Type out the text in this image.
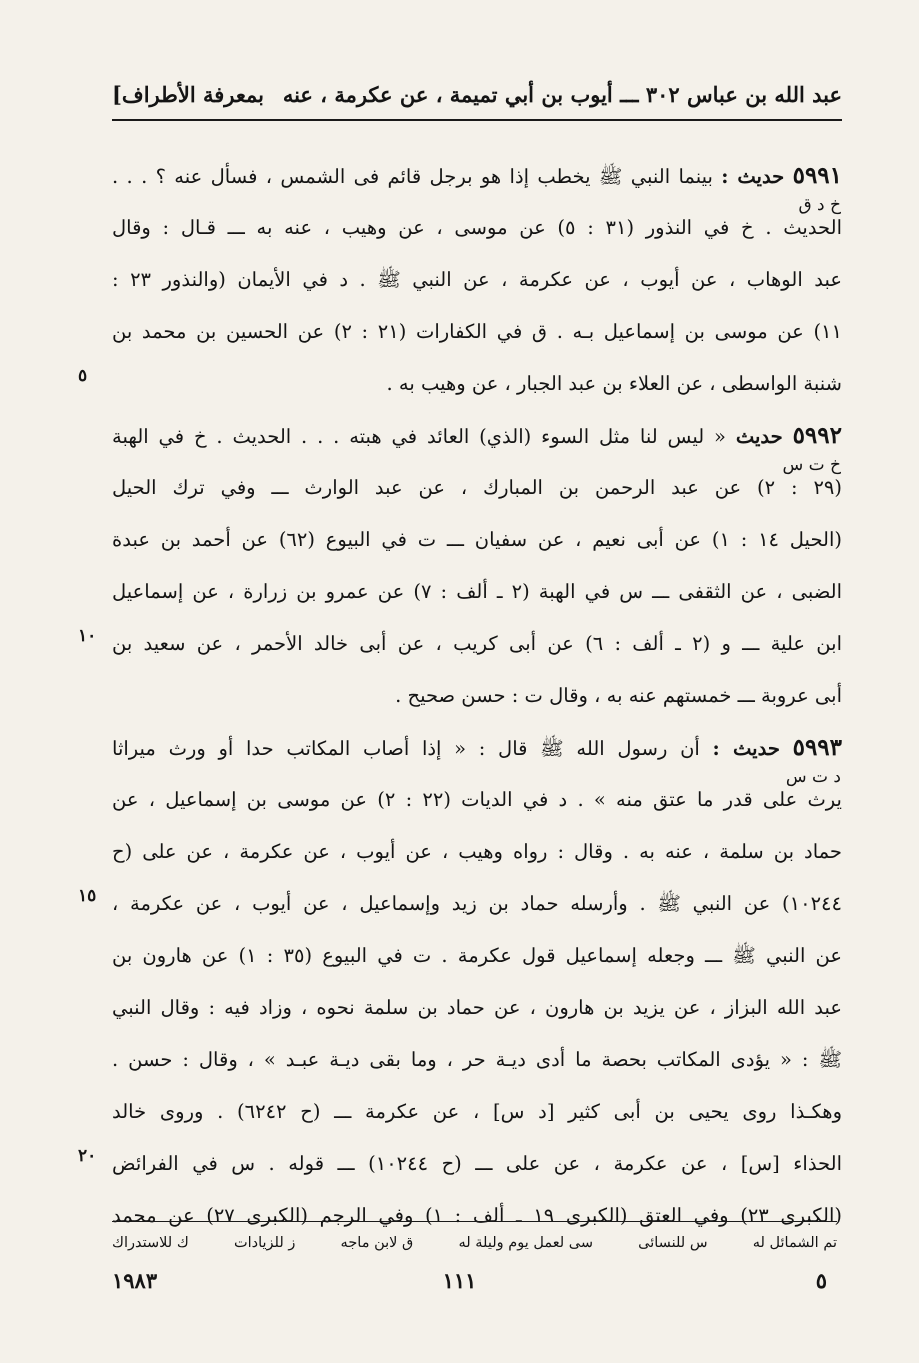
عبد الله بن عباس ٣٠٢ ـــ أيوب بن أبي تميمة ، عن عكرمة ، عنه
بمعرفة الأطراف]
٥٩٩١ حديث : بينما النبي ﷺ يخطب إذا هو برجل قائم فى الشمس ، فسأل عنه ؟ . . .
الحديث . خ في النذور (٣١ : ٥) عن موسى ، عن وهيب ، عنه به ـــ قـال : وقال
عبد الوهاب ، عن أيوب ، عن عكرمة ، عن النبي ﷺ . د في الأيمان (والنذور ٢٣ :
١١) عن موسى بن إسماعيل بـه . ق في الكفارات (٢١ : ٢) عن الحسين بن محمد بن
شنبة الواسطى ، عن العلاء بن عبد الجبار ، عن وهيب به .
٥٩٩٢ حديث « ليس لنا مثل السوء (الذي) العائد في هبته . . . الحديث . خ في الهبة
(٢٩ : ٢) عن عبد الرحمن بن المبارك ، عن عبد الوارث ـــ وفي ترك الحيل
(الحيل ١٤ : ١) عن أبى نعيم ، عن سفيان ـــ ت في البيوع (٦٢) عن أحمد بن عبدة
الضبى ، عن الثقفى ـــ س في الهبة (٢ ـ ألف : ٧) عن عمرو بن زرارة ، عن إسماعيل
ابن علية ـــ و (٢ ـ ألف : ٦) عن أبى كريب ، عن أبى خالد الأحمر ، عن سعيد بن
أبى عروبة ـــ خمستهم عنه به ، وقال ت : حسن صحيح .
٥٩٩٣ حديث : أن رسول الله ﷺ قال : « إذا أصاب المكاتب حدا أو ورث ميراثا
يرث على قدر ما عتق منه » . د في الديات (٢٢ : ٢) عن موسى بن إسماعيل ، عن
حماد بن سلمة ، عنه به . وقال : رواه وهيب ، عن أيوب ، عن عكرمة ، عن على (ح
١٠٢٤٤) عن النبي ﷺ . وأرسله حماد بن زيد وإسماعيل ، عن أيوب ، عن عكرمة ،
عن النبي ﷺ ـــ وجعله إسماعيل قول عكرمة . ت في البيوع (٣٥ : ١) عن هارون بن
عبد الله البزاز ، عن يزيد بن هارون ، عن حماد بن سلمة نحوه ، وزاد فيه : وقال النبي
ﷺ : « يؤدى المكاتب بحصة ما أدى ديـة حر ، وما بقى ديـة عبـد » ، وقال : حسن .
وهكـذا روى يحيى بن أبى كثير [د س] ، عن عكرمة ـــ (ح ٦٢٤٢) . وروى خالد
الحذاء [س] ، عن عكرمة ، عن على ـــ (ح ١٠٢٤٤) ـــ قوله . س في الفرائض
(الكبرى ٢٣) وفي العتق (الكبرى ١٩ ـ ألف : ١) وفي الرجم (الكبرى ٢٧) عن محمد
خ د ق
خ ت س
د ت س
٥
١٠
١٥
٢٠
تم الشمائل له
س للنسائى
سى لعمل يوم وليلة له
ق لابن ماجه
ز للزيادات
ك للاستدراك
١٩٨٣	١١١	٥
